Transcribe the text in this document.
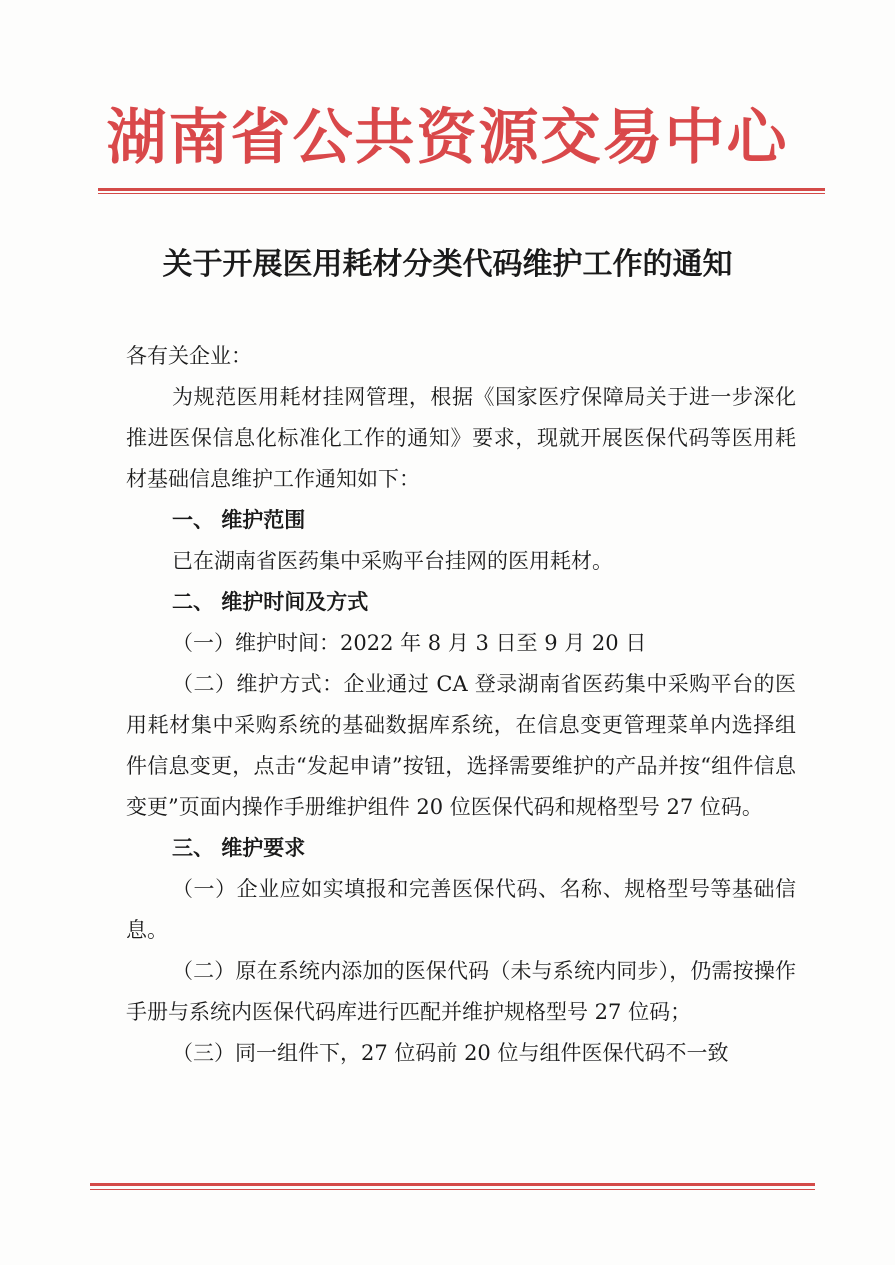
湖南省公共资源交易中心
关于开展医用耗材分类代码维护工作的通知

各有关企业：

为规范医用耗材挂网管理，根据《国家医疗保障局关于进一步深化推进医保信息化标准化工作的通知》要求，现就开展医保代码等医用耗材基础信息维护工作通知如下：

一、 维护范围

已在湖南省医药集中采购平台挂网的医用耗材。

二、 维护时间及方式

（一）维护时间：2022 年 8 月 3 日至 9 月 20 日

（二）维护方式：企业通过 CA 登录湖南省医药集中采购平台的医用耗材集中采购系统的基础数据库系统，在信息变更管理菜单内选择组件信息变更，点击“发起申请”按钮，选择需要维护的产品并按“组件信息变更”页面内操作手册维护组件 20 位医保代码和规格型号 27 位码。

三、 维护要求

（一）企业应如实填报和完善医保代码、名称、规格型号等基础信息。

（二）原在系统内添加的医保代码（未与系统内同步），仍需按操作手册与系统内医保代码库进行匹配并维护规格型号 27 位码；

（三）同一组件下，27 位码前 20 位与组件医保代码不一致
